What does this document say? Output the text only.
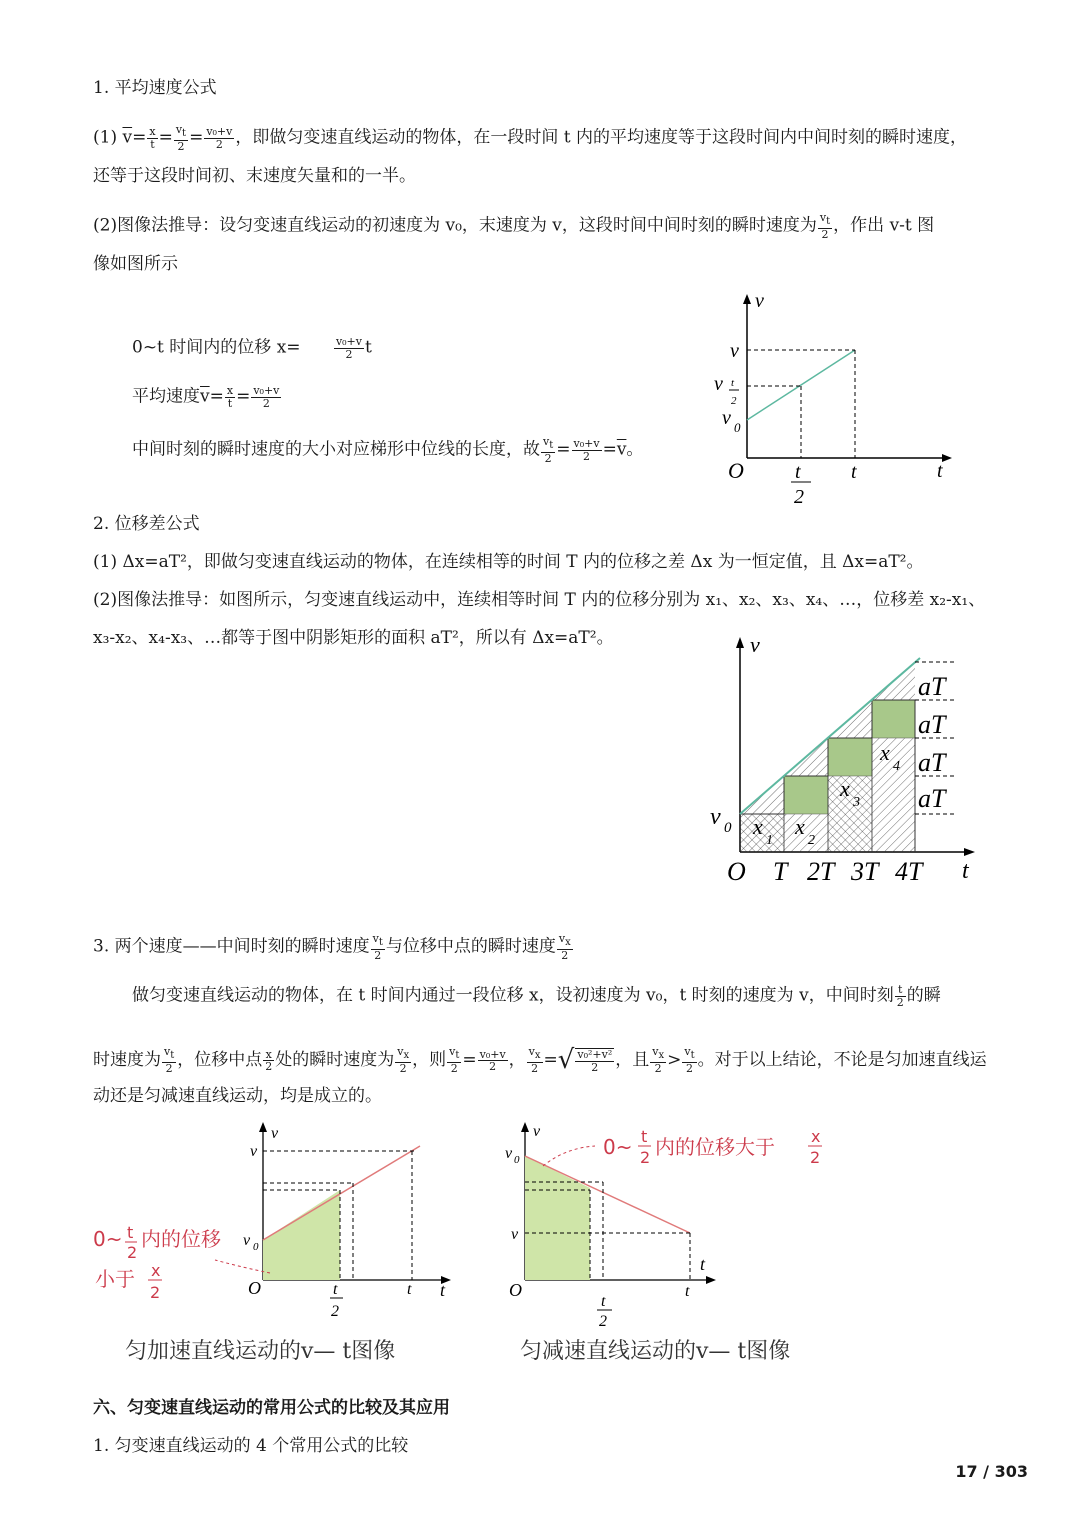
1. 平均速度公式
(1) $\overline{v}= \frac{x}{t} = \frac{v_t}{2} = \frac{\text{v₀+v}}{2}$ ，即做匀变速直线运动的物体，在一段时间 t 内的平均速度等于这段时间内中间时刻的瞬时速度，
还等于这段时间初、末速度矢量和的一半。
(2)图像法推导：设匀变速直线运动的初速度为 v₀，末速度为 v，这段时间中间时刻的瞬时速度为 $\frac{v_t}{2}$ ，作出 v-t 图
像如图所示
0~t 时间内的位移 x=	$\frac{\text{v₀+v}}{2}$ t
平均速度$\overline{v}= \frac{x}{t} = \frac{\text{v₀+v}}{2}$
中间时刻的瞬时速度的大小对应梯形中位线的长度，故 $\frac{v_t}{2} = \frac{\text{v₀+v}}{2} =\overline{v}$。
v
t
O
v
v t
2
v 0
t
2
t
2. 位移差公式
(1) Δx=aT²，即做匀变速直线运动的物体，在连续相等的时间 T 内的位移之差 Δx 为一恒定值，且 Δx=aT²。
(2)图像法推导：如图所示，匀变速直线运动中，连续相等时间 T 内的位移分别为 x₁、x₂、x₃、x₄、…，位移差 x₂-x₁、
x₃-x₂、x₄-x₃、…都等于图中阴影矩形的面积 aT²，所以有 Δx=aT²。	v
t
O T 2T 3T 4T
aT
aT
aT
aT
v 0 x
1
x
2
x
3
x
4
3. 两个速度——中间时刻的瞬时速度 $\frac{v_t}{2}$ 与位移中点的瞬时速度 $\frac{v_x}{2}$
做匀变速直线运动的物体，在 t 时间内通过一段位移 x，设初速度为 v₀，t 时刻的速度为 v，中间时刻 $\frac{t}{2}$ 的瞬
时速度为 $\frac{v_t}{2}$ ，位移中点 $\frac{x}{2}$ 处的瞬时速度为 $\frac{v_x}{2}$ ，则 $\frac{v_t}{2} = \frac{\text{v₀+v}}{2}$ ， $\frac{v_x}{2}$ =√ $\frac{\text{v₀²+v²}}{2}$ ，且 $\frac{v_x}{2} > \frac{v_t}{2}$ 。对于以上结论，不论是匀加速直线运
动还是匀减速直线运动，均是成立的。
v
t
O
v
v 0
t
2
t
0~ t
2
内的位移
小于 x
2
匀加速直线运动的v— t图像
v
t
O
v 0
v
t
2
t
0~ t
2 内的位移大于 x
2
匀减速直线运动的v— t图像
六、匀变速直线运动的常用公式的比较及其应用
1. 匀变速直线运动的 4 个常用公式的比较
17 / 303
